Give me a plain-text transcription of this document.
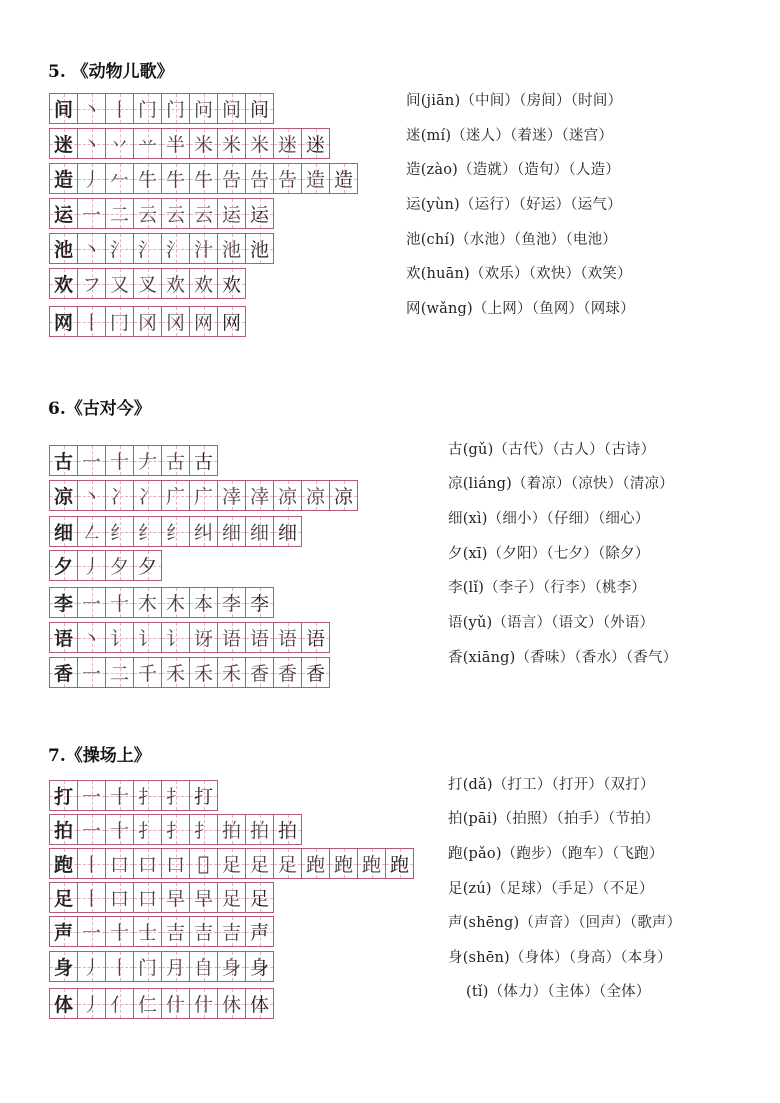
5. 《动物儿歌》
间 丶 丨 门 门 问 间 间
迷 丶 丷 䒑 半 米 米 米 迷 迷
造 丿 𠂉 牛 牛 牛 告 告 告 造 造
运 一 二 云 云 云 运 运
池 丶 氵 氵 氵 汁 池 池
欢 フ 又 叉 欢 欢 欢
网 丨 冂 冈 冈 网 网
间(jiān)（中间）（房间）（时间）
迷(mí)（迷人）（着迷）（迷宫）
造(zào)（造就）（造句）（人造）
运(yùn)（运行）（好运）（运气）
池(chí)（水池）（鱼池）（电池）
欢(huān)（欢乐）（欢快）（欢笑）
网(wǎng)（上网）（鱼网）（网球）
6.《古对今》
古 一 十 𠂇 古 古
凉 丶 冫 冫 广 广 㓑 㓑 凉 凉 凉
细 ㇜ 纟 纟 纟 纠 细 细 细
夕 丿 夕 夕
李 一 十 木 木 本 李 李
语 丶 讠 讠 讠 讶 语 语 语 语
香 一 二 千 禾 禾 禾 香 香 香
古(gǔ)（古代）（古人）（古诗）
凉(liáng)（着凉）（凉快）（清凉）
细(xì)（细小）（仔细）（细心）
夕(xī)（夕阳）（七夕）（除夕）
李(lǐ)（李子）（行李）（桃李）
语(yǔ)（语言）（语文）（外语）
香(xiāng)（香味）（香水）（香气）
7.《操场上》
打 一 十 扌 扌 打
拍 一 十 扌 扌 扌 拍 拍 拍
跑 丨 口 口 口 𠯁 足 足 足 跑 跑 跑 跑
足 丨 口 口 早 早 足 足
声 一 十 士 吉 吉 吉 声
身 丿 丨 门 月 自 身 身
体 丿 亻 仁 什 什 休 体
打(dǎ)（打工）（打开）（双打）
拍(pāi)（拍照）（拍手）（节拍）
跑(pǎo)（跑步）（跑车）（飞跑）
足(zú)（足球）（手足）（不足）
声(shēng)（声音）（回声）（歌声）
身(shēn)（身体）（身高）（本身）
(tǐ)（体力）（主体）（全体）
